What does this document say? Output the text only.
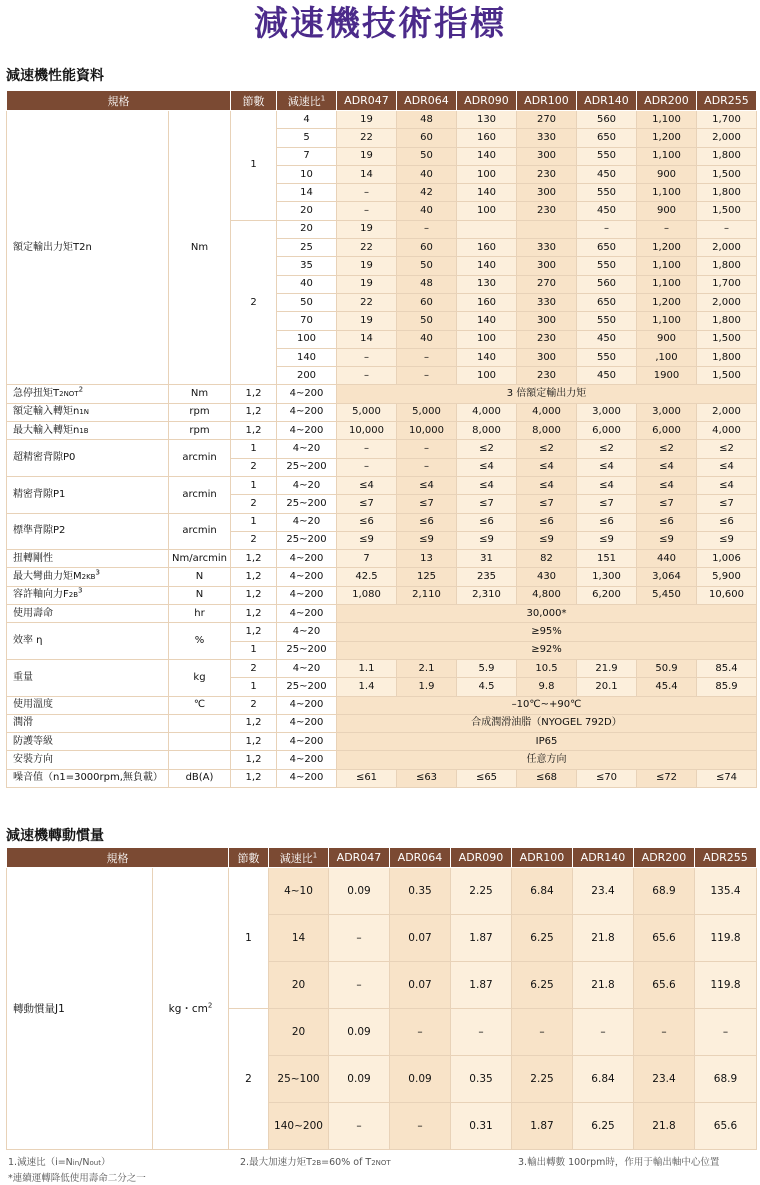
減速機技術指標
減速機性能資料
規格		節數	減速比$^1$	ADR047	ADR064	ADR090	ADR100	ADR140	ADR200	ADR255
額定輸出力矩T2n	Nm	1	4	19	48	130	270	560	1,100	1,700
			5	22	60	160	330	650	1,200	2,000
			7	19	50	140	300	550	1,100	1,800
			10	14	40	100	230	450	900	1,500
			14	–	42	140	300	550	1,100	1,800
			20	–	40	100	230	450	900	1,500
		2	20	19	–			–	–	–
			25	22	60	160	330	650	1,200	2,000
			35	19	50	140	300	550	1,100	1,800
			40	19	48	130	270	560	1,100	1,700
			50	22	60	160	330	650	1,200	2,000
			70	19	50	140	300	550	1,100	1,800
			100	14	40	100	230	450	900	1,500
			140	–	–	140	300	550	,100	1,800
			200	–	–	100	230	450	1900	1,500
急停扭矩T2NOT$^2$	Nm	1,2	4~200	3 倍額定輸出力矩						
額定輸入轉矩n1N	rpm	1,2	4~200	5,000	5,000	4,000	4,000	3,000	3,000	2,000
最大輸入轉矩n1B	rpm	1,2	4~200	10,000	10,000	8,000	8,000	6,000	6,000	4,000
超精密背隙P0	arcmin	1	4~20	–	–	≤2	≤2	≤2	≤2	≤2
		2	25~200	–	–	≤4	≤4	≤4	≤4	≤4
精密背隙P1	arcmin	1	4~20	≤4	≤4	≤4	≤4	≤4	≤4	≤4
		2	25~200	≤7	≤7	≤7	≤7	≤7	≤7	≤7
標準背隙P2	arcmin	1	4~20	≤6	≤6	≤6	≤6	≤6	≤6	≤6
		2	25~200	≤9	≤9	≤9	≤9	≤9	≤9	≤9
扭轉剛性	Nm/arcmin	1,2	4~200	7	13	31	82	151	440	1,006
最大彎曲力矩$M2KB^3$	N	1,2	4~200	42.5	125	235	430	1,300	3,064	5,900
容許軸向力$F2B^3$	N	1,2	4~200	1,080	2,110	2,310	4,800	6,200	5,450	10,600
使用壽命	hr	1,2	4~200	30,000*						
效率 η	%	1,2	4~20	≥95%						
		1	25~200	≥92%						
重量	kg	2	4~20	1.1	2.1	5.9	10.5	21.9	50.9	85.4
		1	25~200	1.4	1.9	4.5	9.8	20.1	45.4	85.9
使用溫度	℃	2	4~200	–10℃~+90℃						
潤滑		1,2	4~200	合成潤滑油脂（NYOGEL 792D）						
防護等級		1,2	4~200	IP65						
安裝方向		1,2	4~200	任意方向						
噪音值（n1=3000rpm,無負載）	dB(A)	1,2	4~200	≤61	≤63	≤65	≤68	≤70	≤72	≤74
減速機轉動慣量
規格		節數	減速比$^1$	ADR047	ADR064	ADR090	ADR100	ADR140	ADR200	ADR255
轉動慣量J1	kg・$cm^2$	1	4~10	0.09	0.35	2.25	6.84	23.4	68.9	135.4
			14	–	0.07	1.87	6.25	21.8	65.6	119.8
			20	–	0.07	1.87	6.25	21.8	65.6	119.8
		2	20	0.09	–	–	–	–	–	–
			25~100	0.09	0.09	0.35	2.25	6.84	23.4	68.9
			140~200	–	–	0.31	1.87	6.25	21.8	65.6
1.減速比（i=Nin/Nout）	2.最大加速力矩T2B=60% of T2NOT	3.輸出轉數 100rpm時，作用于輸出軸中心位置
*連續運轉降低使用壽命二分之一
